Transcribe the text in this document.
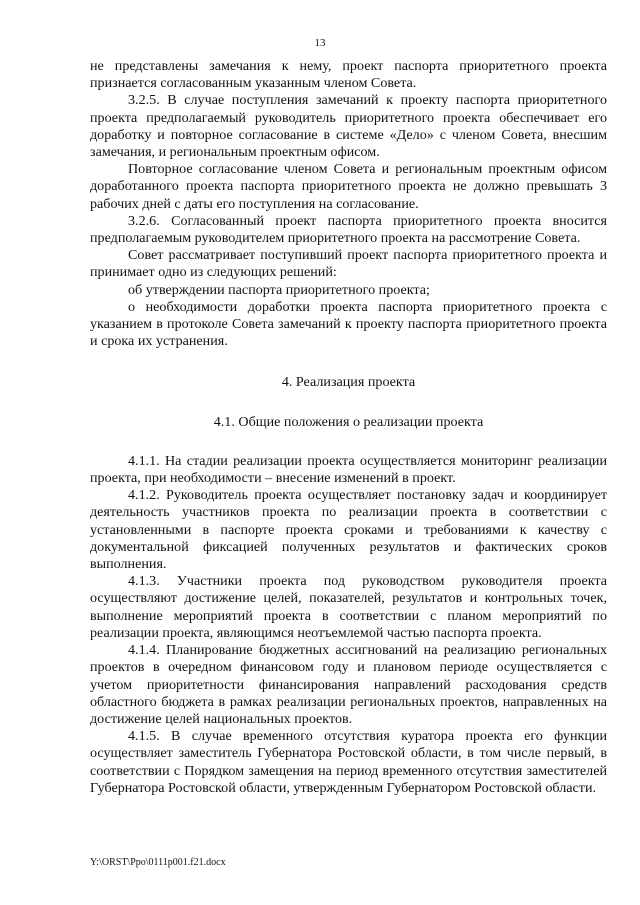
13

не представлены замечания к нему, проект паспорта приоритетного проекта признается согласованным указанным членом Совета.

3.2.5. В случае поступления замечаний к проекту паспорта приоритетного проекта предполагаемый руководитель приоритетного проекта обеспечивает его доработку и повторное согласование в системе «Дело» с членом Совета, внесшим замечания, и региональным проектным офисом.

Повторное согласование членом Совета и региональным проектным офисом доработанного проекта паспорта приоритетного проекта не должно превышать 3 рабочих дней с даты его поступления на согласование.

3.2.6. Согласованный проект паспорта приоритетного проекта вносится предполагаемым руководителем приоритетного проекта на рассмотрение Совета.

Совет рассматривает поступивший проект паспорта приоритетного проекта и принимает одно из следующих решений:

об утверждении паспорта приоритетного проекта;

о необходимости доработки проекта паспорта приоритетного проекта с указанием в протоколе Совета замечаний к проекту паспорта приоритетного проекта и срока их устранения.

4. Реализация проекта
4.1. Общие положения о реализации проекта

4.1.1. На стадии реализации проекта осуществляется мониторинг реализации проекта, при необходимости – внесение изменений в проект.

4.1.2. Руководитель проекта осуществляет постановку задач и координирует деятельность участников проекта по реализации проекта в соответствии с установленными в паспорте проекта сроками и требованиями к качеству с документальной фиксацией полученных результатов и фактических сроков выполнения.

4.1.3. Участники проекта под руководством руководителя проекта осуществляют достижение целей, показателей, результатов и контрольных точек, выполнение мероприятий проекта в соответствии с планом мероприятий по реализации проекта, являющимся неотъемлемой частью паспорта проекта.

4.1.4. Планирование бюджетных ассигнований на реализацию региональных проектов в очередном финансовом году и плановом периоде осуществляется с учетом приоритетности финансирования направлений расходования средств областного бюджета в рамках реализации региональных проектов, направленных на достижение целей национальных проектов.

4.1.5. В случае временного отсутствия куратора проекта его функции осуществляет заместитель Губернатора Ростовской области, в том числе первый, в соответствии с Порядком замещения на период временного отсутствия заместителей Губернатора Ростовской области, утвержденным Губернатором Ростовской области.

Y:\ORST\Ppo\0111p001.f21.docx
